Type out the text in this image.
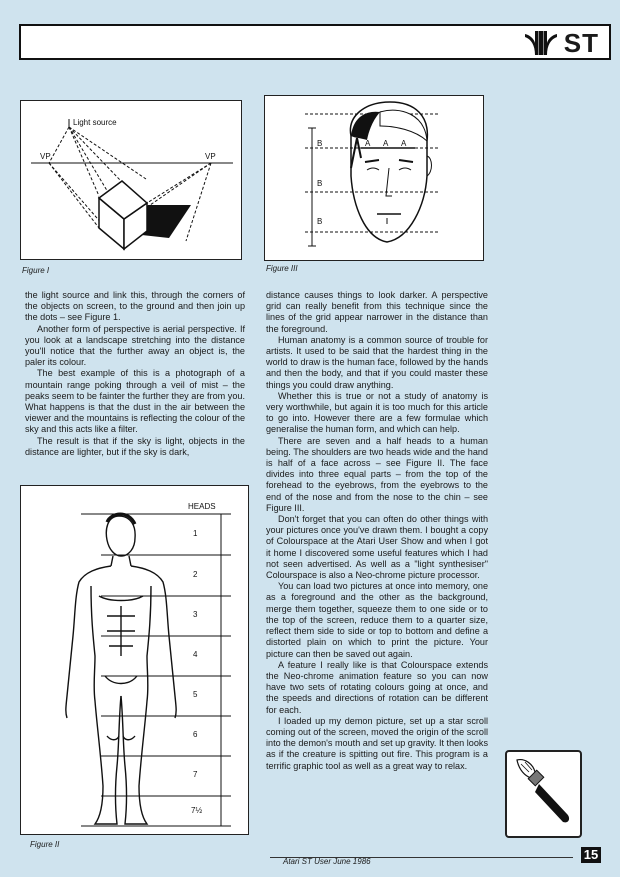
ST
Light source
VP	VP
Figure I
B
B
B
A A A
Figure III

the light source and link this, through the corners of the objects on screen, to the ground and then join up the dots – see Figure 1.

Another form of perspective is aerial perspective. If you look at a landscape stretching into the distance you'll notice that the further away an object is, the paler its colour.

The best example of this is a photograph of a mountain range poking through a veil of mist – the peaks seem to be fainter the further they are from you. What happens is that the dust in the air between the viewer and the mountains is reflecting the colour of the sky and this acts like a filter.

The result is that if the sky is light, objects in the distance are lighter, but if the sky is dark,

distance causes things to look darker. A perspective grid can really benefit from this technique since the lines of the grid appear narrower in the distance than the foreground.

Human anatomy is a common source of trouble for artists. It used to be said that the hardest thing in the world to draw is the human face, followed by the hands and then the body, and that if you could master these things you could draw anything.

Whether this is true or not a study of anatomy is very worthwhile, but again it is too much for this article to go into. However there are a few formulae which generalise the human form, and which can help.

There are seven and a half heads to a human being. The shoulders are two heads wide and the hand is half of a face across – see Figure II. The face divides into three equal parts – from the top of the forehead to the eyebrows, from the eyebrows to the end of the nose and from the nose to the chin – see Figure III.

Don't forget that you can often do other things with your pictures once you've drawn them. I bought a copy of Colourspace at the Atari User Show and when I got it home I discovered some useful features which I had not seen advertised. As well as a "light synthesiser" Colourspace is also a Neo-chrome picture processor.

You can load two pictures at once into memory, one as a foreground and the other as the background, merge them together, squeeze them to one side or to the top of the screen, reduce them to a quarter size, reflect them side to side or top to bottom and define a distorted plain on which to print the picture. Your picture can then be saved out again.

A feature I really like is that Colourspace extends the Neo-chrome animation feature so you can now have two sets of rotating colours going at once, and the speeds and directions of rotation can be different for each.

I loaded up my demon picture, set up a star scroll coming out of the screen, moved the origin of the scroll into the demon's mouth and set up gravity. It then looks as if the creature is spitting out fire. This program is a terrific graphic tool as well as a great way to relax.

HEADS
1
2
3
4
5
6
7
7½
Figure II
Atari ST User June 1986	15
